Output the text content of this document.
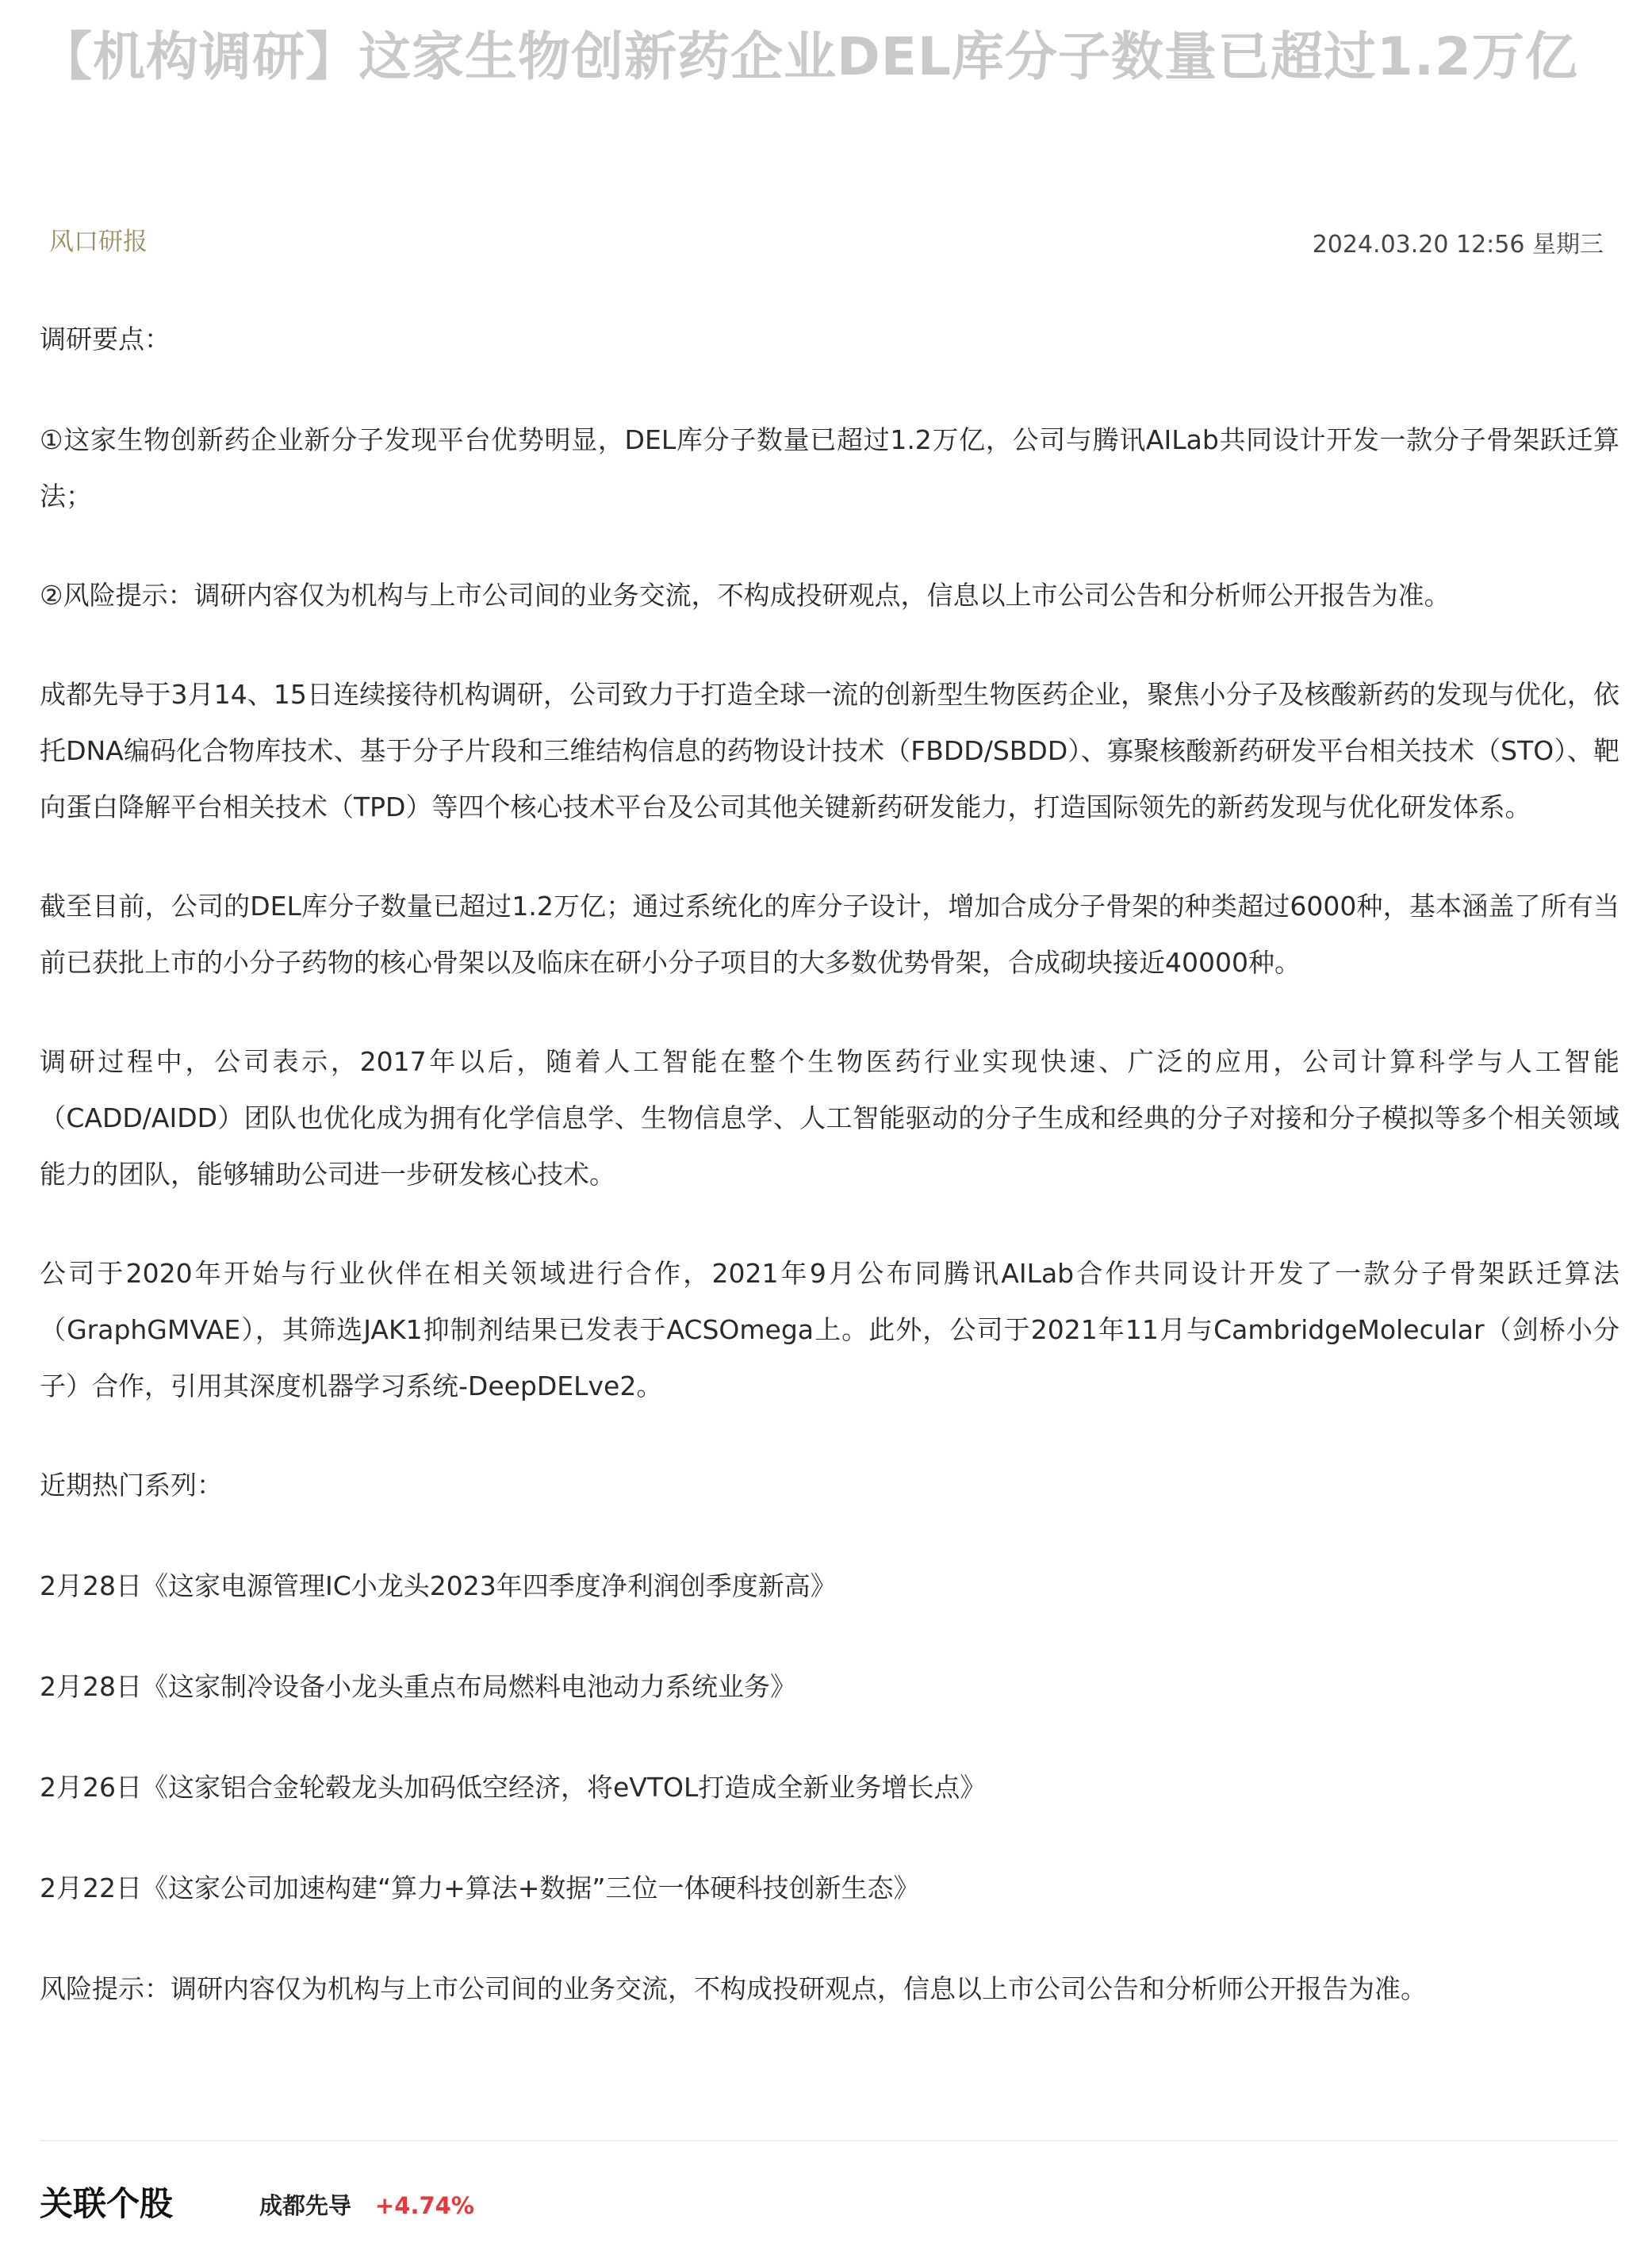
【机构调研】这家生物创新药企业DEL库分子数量已超过1.2万亿
风口研报	2024.03.20 12:56 星期三

调研要点：

①这家生物创新药企业新分子发现平台优势明显，DEL库分子数量已超过1.2万亿，公司与腾讯AILab共同设计开发一款分子骨架跃迁算法；

②风险提示：调研内容仅为机构与上市公司间的业务交流，不构成投研观点，信息以上市公司公告和分析师公开报告为准。

成都先导于3月14、15日连续接待机构调研，公司致力于打造全球一流的创新型生物医药企业，聚焦小分子及核酸新药的发现与优化，依托DNA编码化合物库技术、基于分子片段和三维结构信息的药物设计技术（FBDD/SBDD）、寡聚核酸新药研发平台相关技术（STO）、靶向蛋白降解平台相关技术（TPD）等四个核心技术平台及公司其他关键新药研发能力，打造国际领先的新药发现与优化研发体系。

截至目前，公司的DEL库分子数量已超过1.2万亿；通过系统化的库分子设计，增加合成分子骨架的种类超过6000种，基本涵盖了所有当前已获批上市的小分子药物的核心骨架以及临床在研小分子项目的大多数优势骨架，合成砌块接近40000种。

调研过程中，公司表示，2017年以后，随着人工智能在整个生物医药行业实现快速、广泛的应用，公司计算科学与人工智能（CADD/AIDD）团队也优化成为拥有化学信息学、生物信息学、人工智能驱动的分子生成和经典的分子对接和分子模拟等多个相关领域能力的团队，能够辅助公司进一步研发核心技术。

公司于2020年开始与行业伙伴在相关领域进行合作，2021年9月公布同腾讯AILab合作共同设计开发了一款分子骨架跃迁算法（GraphGMVAE），其筛选JAK1抑制剂结果已发表于ACSOmega上。此外，公司于2021年11月与CambridgeMolecular（剑桥小分子）合作，引用其深度机器学习系统-DeepDELve2。

近期热门系列：

2月28日《这家电源管理IC小龙头2023年四季度净利润创季度新高》

2月28日《这家制冷设备小龙头重点布局燃料电池动力系统业务》

2月26日《这家铝合金轮毂龙头加码低空经济，将eVTOL打造成全新业务增长点》

2月22日《这家公司加速构建“算力+算法+数据”三位一体硬科技创新生态》

风险提示：调研内容仅为机构与上市公司间的业务交流，不构成投研观点，信息以上市公司公告和分析师公开报告为准。

关联个股	成都先导 +4.74%
